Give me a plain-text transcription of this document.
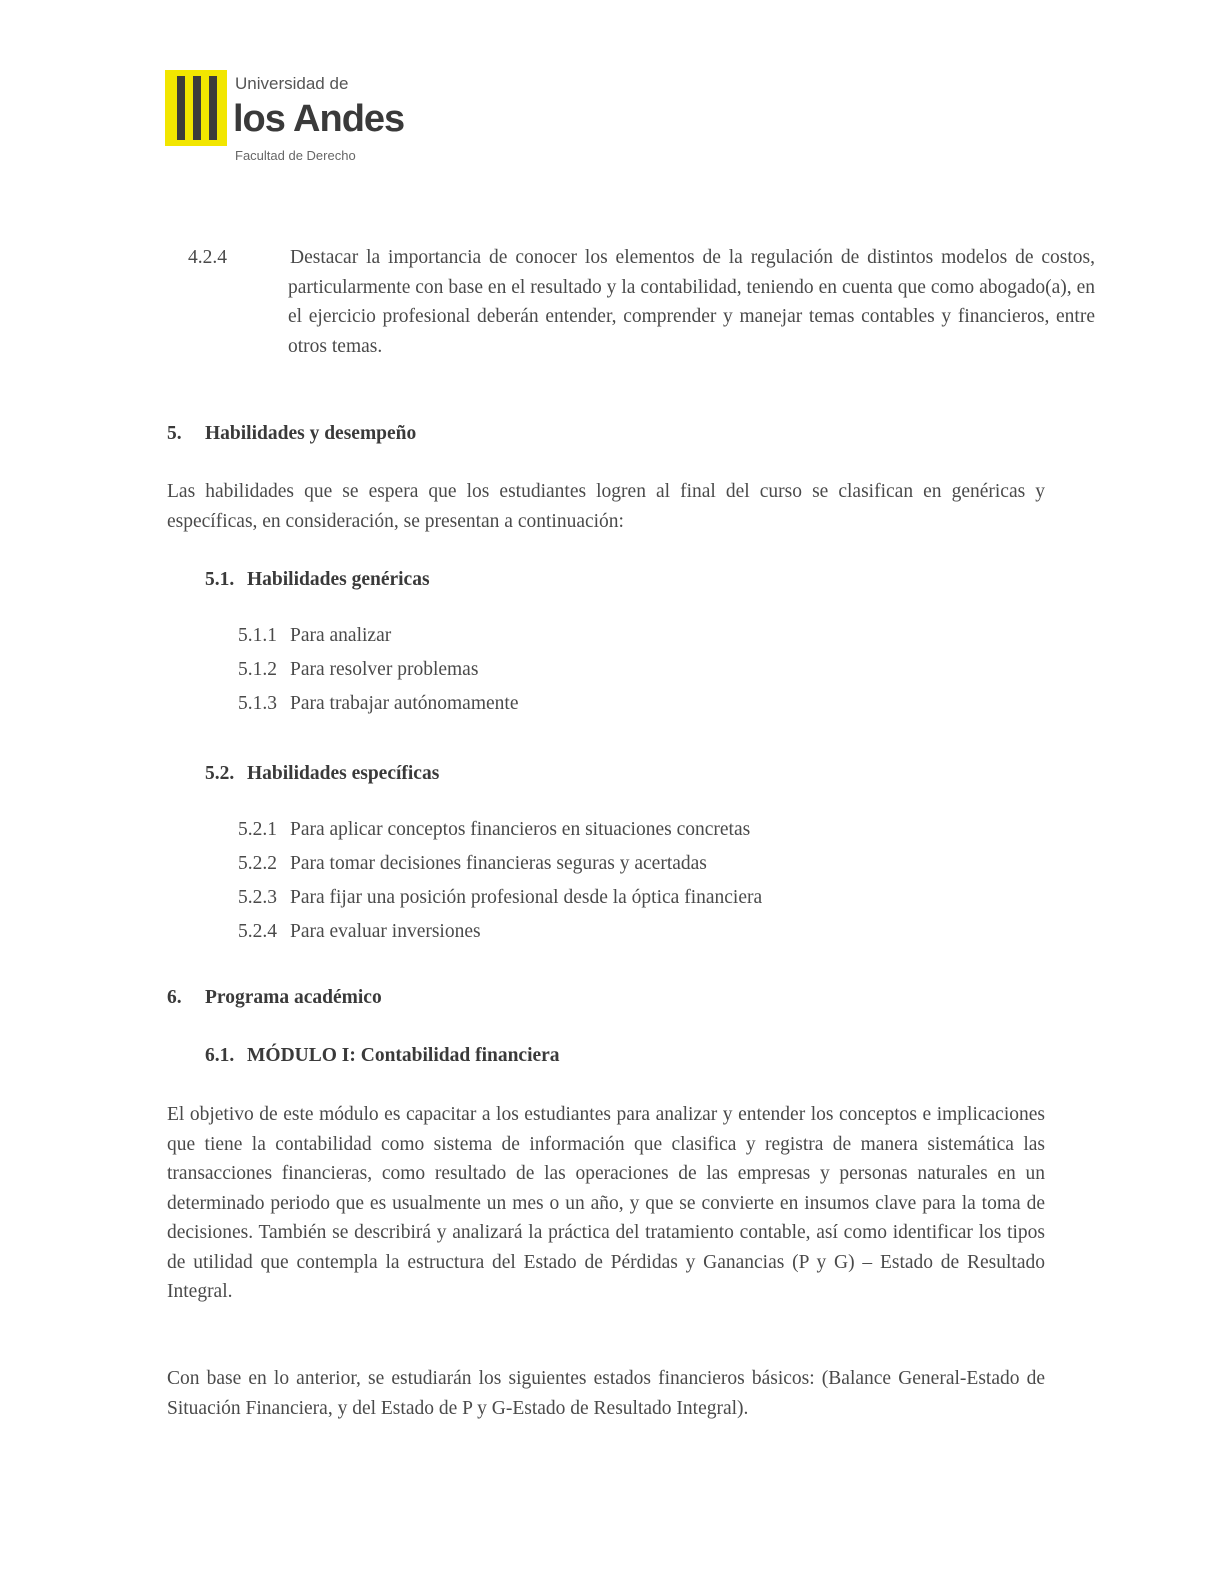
Universidad de
los Andes
Facultad de Derecho
4.2.4	Destacar la importancia de conocer los elementos de la regulación de distintos modelos de costos, particularmente con base en el resultado y la contabilidad, teniendo en cuenta que como abogado(a), en el ejercicio profesional deberán entender, comprender y manejar temas contables y financieros, entre otros temas.
5. Habilidades y desempeño
Las habilidades que se espera que los estudiantes logren al final del curso se clasifican en genéricas y específicas, en consideración, se presentan a continuación:
5.1. Habilidades genéricas
5.1.1 Para analizar
5.1.2 Para resolver problemas
5.1.3 Para trabajar autónomamente
5.2. Habilidades específicas
5.2.1 Para aplicar conceptos financieros en situaciones concretas
5.2.2 Para tomar decisiones financieras seguras y acertadas
5.2.3 Para fijar una posición profesional desde la óptica financiera
5.2.4 Para evaluar inversiones
6. Programa académico
6.1. MÓDULO I: Contabilidad financiera
El objetivo de este módulo es capacitar a los estudiantes para analizar y entender los conceptos e implicaciones que tiene la contabilidad como sistema de información que clasifica y registra de manera sistemática las transacciones financieras, como resultado de las operaciones de las empresas y personas naturales en un determinado periodo que es usualmente un mes o un año, y que se convierte en insumos clave para la toma de decisiones. También se describirá y analizará la práctica del tratamiento contable, así como identificar los tipos de utilidad que contempla la estructura del Estado de Pérdidas y Ganancias (P y G) – Estado de Resultado Integral.
Con base en lo anterior, se estudiarán los siguientes estados financieros básicos: (Balance General-Estado de Situación Financiera, y del Estado de P y G-Estado de Resultado Integral).
